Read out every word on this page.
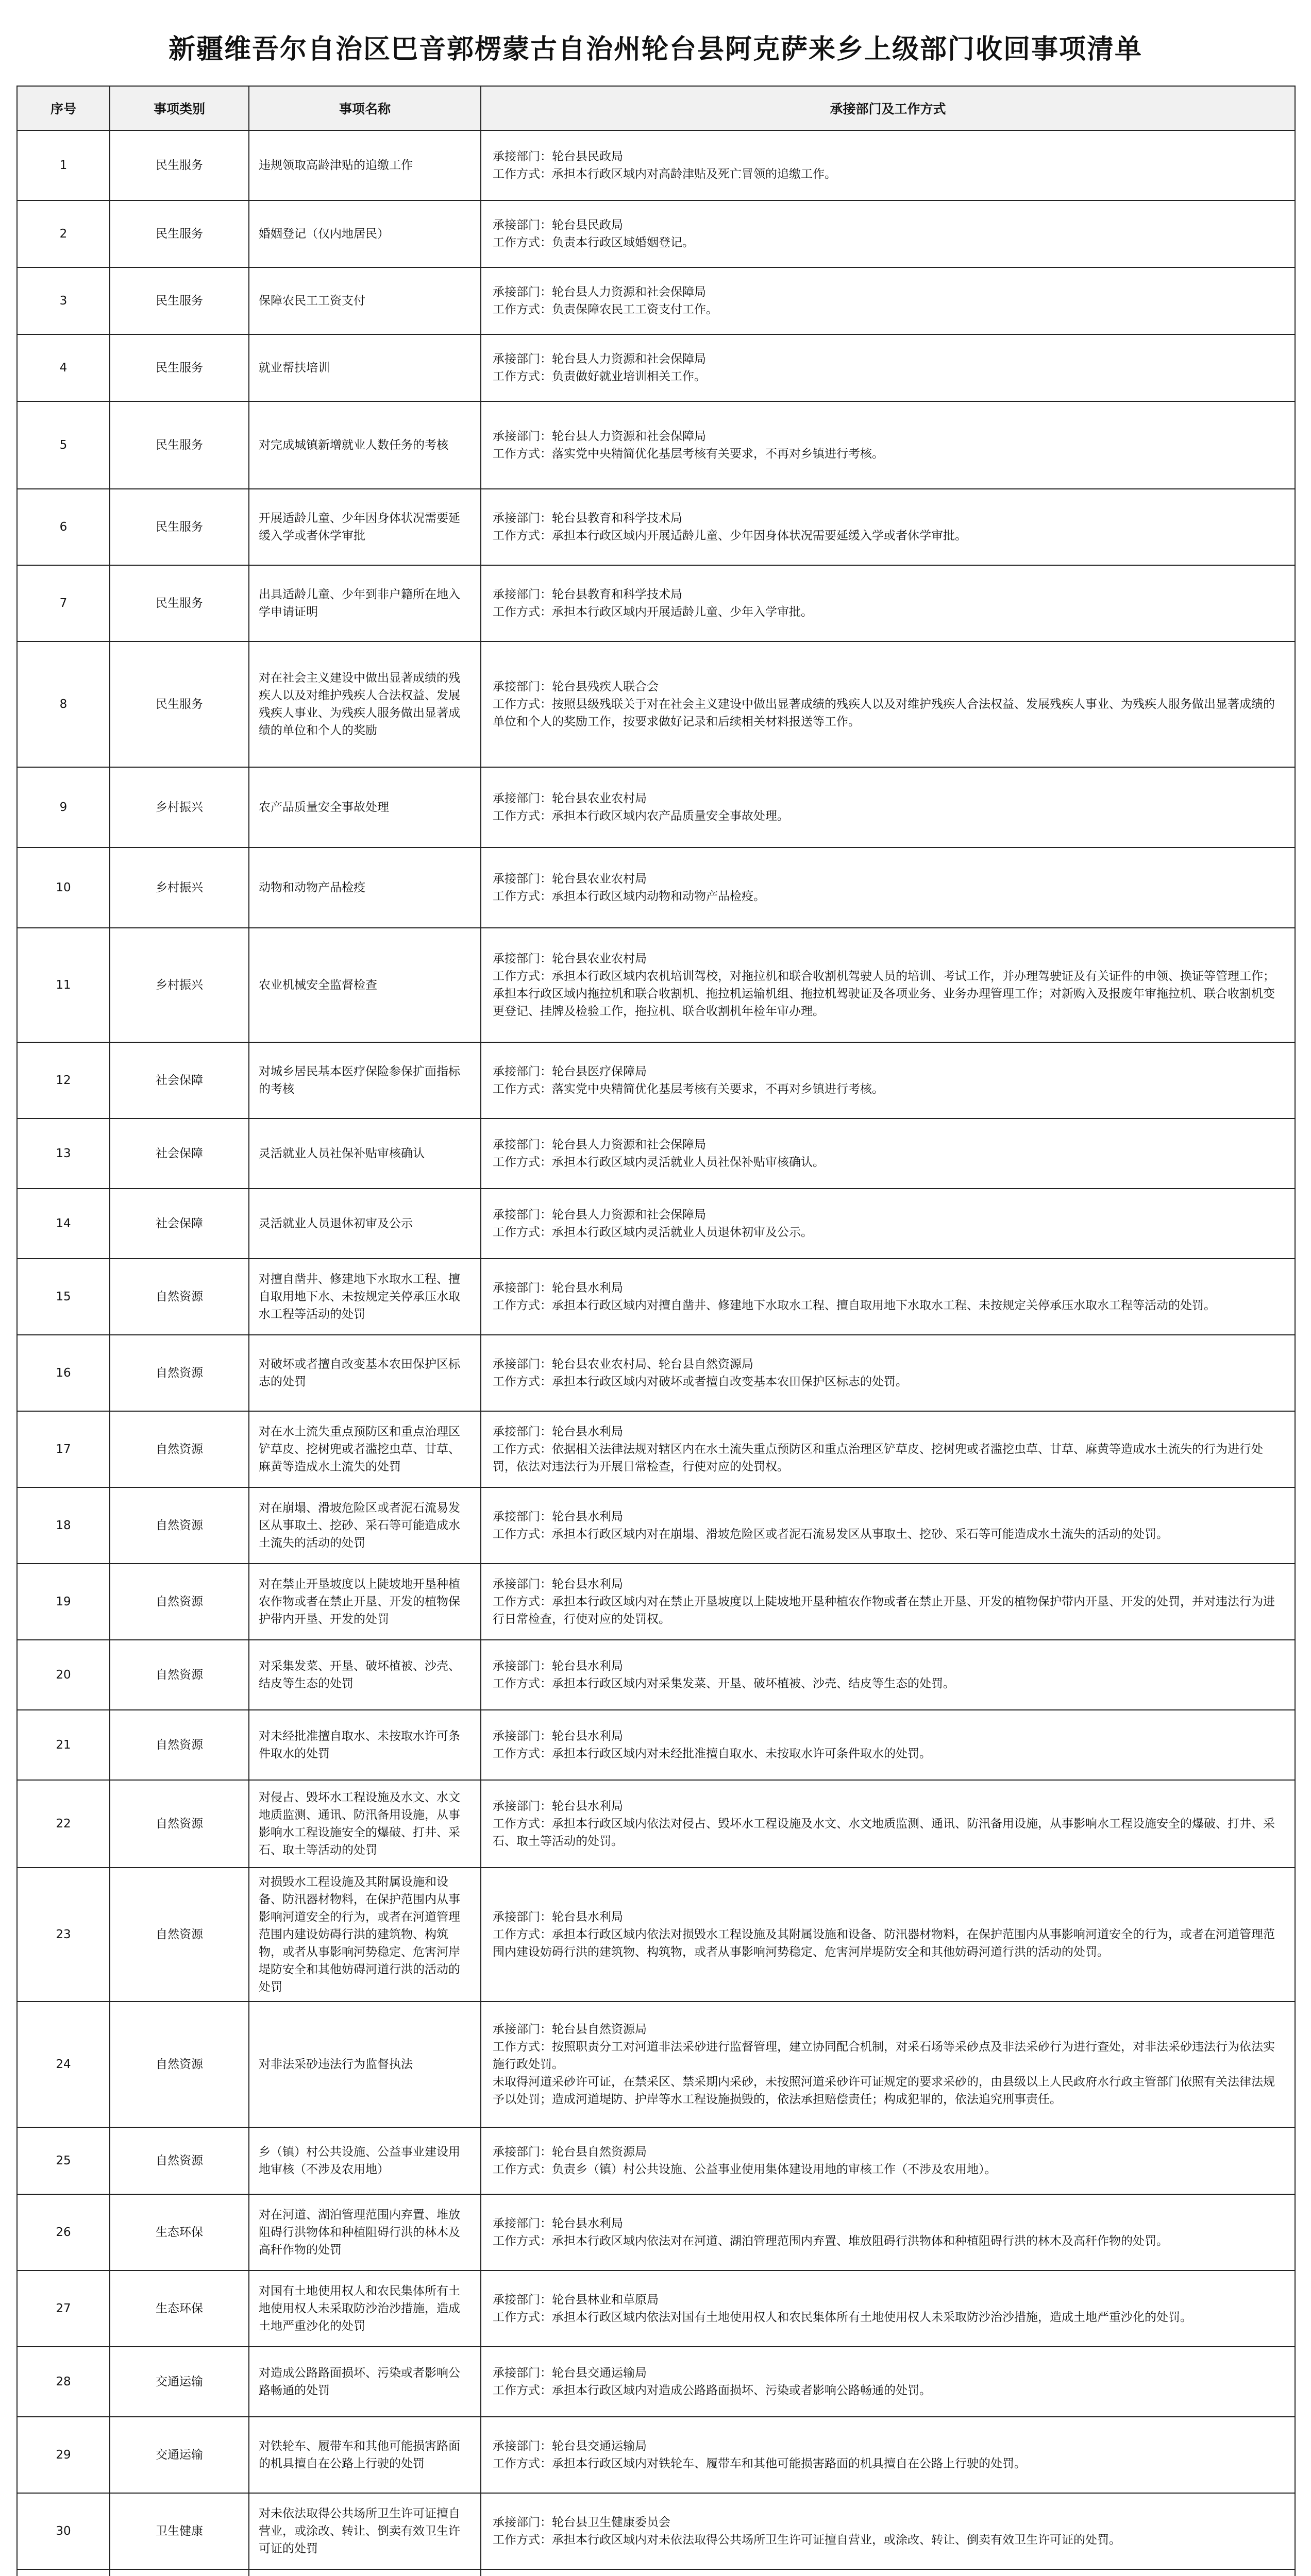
新疆维吾尔自治区巴音郭楞蒙古自治州轮台县阿克萨来乡上级部门收回事项清单
序号	事项类别	事项名称	承接部门及工作方式
1	民生服务	违规领取高龄津贴的追缴工作	承接部门：轮台县民政局
工作方式：承担本行政区域内对高龄津贴及死亡冒领的追缴工作。

2	民生服务	婚姻登记（仅内地居民）	承接部门：轮台县民政局
工作方式：负责本行政区域婚姻登记。

3	民生服务	保障农民工工资支付	承接部门：轮台县人力资源和社会保障局
工作方式：负责保障农民工工资支付工作。

4	民生服务	就业帮扶培训	承接部门：轮台县人力资源和社会保障局
工作方式：负责做好就业培训相关工作。

5	民生服务	对完成城镇新增就业人数任务的考核	承接部门：轮台县人力资源和社会保障局
工作方式：落实党中央精简优化基层考核有关要求，不再对乡镇进行考核。

6	民生服务	开展适龄儿童、少年因身体状况需要延缓入学或者休学审批	承接部门：轮台县教育和科学技术局
工作方式：承担本行政区域内开展适龄儿童、少年因身体状况需要延缓入学或者休学审批。

7	民生服务	出具适龄儿童、少年到非户籍所在地入学申请证明	承接部门：轮台县教育和科学技术局
工作方式：承担本行政区域内开展适龄儿童、少年入学审批。

8	民生服务	对在社会主义建设中做出显著成绩的残疾人以及对维护残疾人合法权益、发展残疾人事业、为残疾人服务做出显著成绩的单位和个人的奖励	承接部门：轮台县残疾人联合会
工作方式：按照县级残联关于对在社会主义建设中做出显著成绩的残疾人以及对维护残疾人合法权益、发展残疾人事业、为残疾人服务做出显著成绩的单位和个人的奖励工作，按要求做好记录和后续相关材料报送等工作。

9	乡村振兴	农产品质量安全事故处理	承接部门：轮台县农业农村局
工作方式：承担本行政区域内农产品质量安全事故处理。

10	乡村振兴	动物和动物产品检疫	承接部门：轮台县农业农村局
工作方式：承担本行政区域内动物和动物产品检疫。

11	乡村振兴	农业机械安全监督检查	承接部门：轮台县农业农村局
工作方式：承担本行政区域内农机培训驾校，对拖拉机和联合收割机驾驶人员的培训、考试工作，并办理驾驶证及有关证件的申领、换证等管理工作；承担本行政区域内拖拉机和联合收割机、拖拉机运输机组、拖拉机驾驶证及各项业务、业务办理管理工作；对新购入及报废年审拖拉机、联合收割机变更登记、挂牌及检验工作，拖拉机、联合收割机年检年审办理。

12	社会保障	对城乡居民基本医疗保险参保扩面指标的考核	承接部门：轮台县医疗保障局
工作方式：落实党中央精简优化基层考核有关要求，不再对乡镇进行考核。

13	社会保障	灵活就业人员社保补贴审核确认	承接部门：轮台县人力资源和社会保障局
工作方式：承担本行政区域内灵活就业人员社保补贴审核确认。

14	社会保障	灵活就业人员退休初审及公示	承接部门：轮台县人力资源和社会保障局
工作方式：承担本行政区域内灵活就业人员退休初审及公示。

15	自然资源	对擅自凿井、修建地下水取水工程、擅自取用地下水、未按规定关停承压水取水工程等活动的处罚	承接部门：轮台县水利局
工作方式：承担本行政区域内对擅自凿井、修建地下水取水工程、擅自取用地下水取水工程、未按规定关停承压水取水工程等活动的处罚。

16	自然资源	对破坏或者擅自改变基本农田保护区标志的处罚	承接部门：轮台县农业农村局、轮台县自然资源局
工作方式：承担本行政区域内对破坏或者擅自改变基本农田保护区标志的处罚。

17	自然资源	对在水土流失重点预防区和重点治理区铲草皮、挖树兜或者滥挖虫草、甘草、麻黄等造成水土流失的处罚	承接部门：轮台县水利局
工作方式：依据相关法律法规对辖区内在水土流失重点预防区和重点治理区铲草皮、挖树兜或者滥挖虫草、甘草、麻黄等造成水土流失的行为进行处罚，依法对违法行为开展日常检查，行使对应的处罚权。

18	自然资源	对在崩塌、滑坡危险区或者泥石流易发区从事取土、挖砂、采石等可能造成水土流失的活动的处罚	承接部门：轮台县水利局
工作方式：承担本行政区域内对在崩塌、滑坡危险区或者泥石流易发区从事取土、挖砂、采石等可能造成水土流失的活动的处罚。

19	自然资源	对在禁止开垦坡度以上陡坡地开垦种植农作物或者在禁止开垦、开发的植物保护带内开垦、开发的处罚	承接部门：轮台县水利局
工作方式：承担本行政区域内对在禁止开垦坡度以上陡坡地开垦种植农作物或者在禁止开垦、开发的植物保护带内开垦、开发的处罚，并对违法行为进行日常检查，行使对应的处罚权。

20	自然资源	对采集发菜、开垦、破坏植被、沙壳、结皮等生态的处罚	承接部门：轮台县水利局
工作方式：承担本行政区域内对采集发菜、开垦、破坏植被、沙壳、结皮等生态的处罚。

21	自然资源	对未经批准擅自取水、未按取水许可条件取水的处罚	承接部门：轮台县水利局
工作方式：承担本行政区域内对未经批准擅自取水、未按取水许可条件取水的处罚。

22	自然资源	对侵占、毁坏水工程设施及水文、水文地质监测、通讯、防汛备用设施，从事影响水工程设施安全的爆破、打井、采石、取土等活动的处罚	承接部门：轮台县水利局
工作方式：承担本行政区域内依法对侵占、毁坏水工程设施及水文、水文地质监测、通讯、防汛备用设施，从事影响水工程设施安全的爆破、打井、采石、取土等活动的处罚。

23	自然资源	对损毁水工程设施及其附属设施和设备、防汛器材物料，在保护范围内从事影响河道安全的行为，或者在河道管理范围内建设妨碍行洪的建筑物、构筑物，或者从事影响河势稳定、危害河岸堤防安全和其他妨碍河道行洪的活动的处罚	承接部门：轮台县水利局
工作方式：承担本行政区域内依法对损毁水工程设施及其附属设施和设备、防汛器材物料，在保护范围内从事影响河道安全的行为，或者在河道管理范围内建设妨碍行洪的建筑物、构筑物，或者从事影响河势稳定、危害河岸堤防安全和其他妨碍河道行洪的活动的处罚。

24	自然资源	对非法采砂违法行为监督执法	承接部门：轮台县自然资源局
工作方式：按照职责分工对河道非法采砂进行监督管理，建立协同配合机制，对采石场等采砂点及非法采砂行为进行查处，对非法采砂违法行为依法实施行政处罚。
未取得河道采砂许可证，在禁采区、禁采期内采砂，未按照河道采砂许可证规定的要求采砂的，由县级以上人民政府水行政主管部门依照有关法律法规予以处罚；造成河道堤防、护岸等水工程设施损毁的，依法承担赔偿责任；构成犯罪的，依法追究刑事责任。

25	自然资源	乡（镇）村公共设施、公益事业建设用地审核（不涉及农用地）	承接部门：轮台县自然资源局
工作方式：负责乡（镇）村公共设施、公益事业使用集体建设用地的审核工作（不涉及农用地）。

26	生态环保	对在河道、湖泊管理范围内弃置、堆放阻碍行洪物体和种植阻碍行洪的林木及高秆作物的处罚	承接部门：轮台县水利局
工作方式：承担本行政区域内依法对在河道、湖泊管理范围内弃置、堆放阻碍行洪物体和种植阻碍行洪的林木及高秆作物的处罚。

27	生态环保	对国有土地使用权人和农民集体所有土地使用权人未采取防沙治沙措施，造成土地严重沙化的处罚	承接部门：轮台县林业和草原局
工作方式：承担本行政区域内依法对国有土地使用权人和农民集体所有土地使用权人未采取防沙治沙措施，造成土地严重沙化的处罚。

28	交通运输	对造成公路路面损坏、污染或者影响公路畅通的处罚	承接部门：轮台县交通运输局
工作方式：承担本行政区域内对造成公路路面损坏、污染或者影响公路畅通的处罚。

29	交通运输	对铁轮车、履带车和其他可能损害路面的机具擅自在公路上行驶的处罚	承接部门：轮台县交通运输局
工作方式：承担本行政区域内对铁轮车、履带车和其他可能损害路面的机具擅自在公路上行驶的处罚。

30	卫生健康	对未依法取得公共场所卫生许可证擅自营业，或涂改、转让、倒卖有效卫生许可证的处罚	承接部门：轮台县卫生健康委员会
工作方式：承担本行政区域内对未依法取得公共场所卫生许可证擅自营业，或涂改、转让、倒卖有效卫生许可证的处罚。
